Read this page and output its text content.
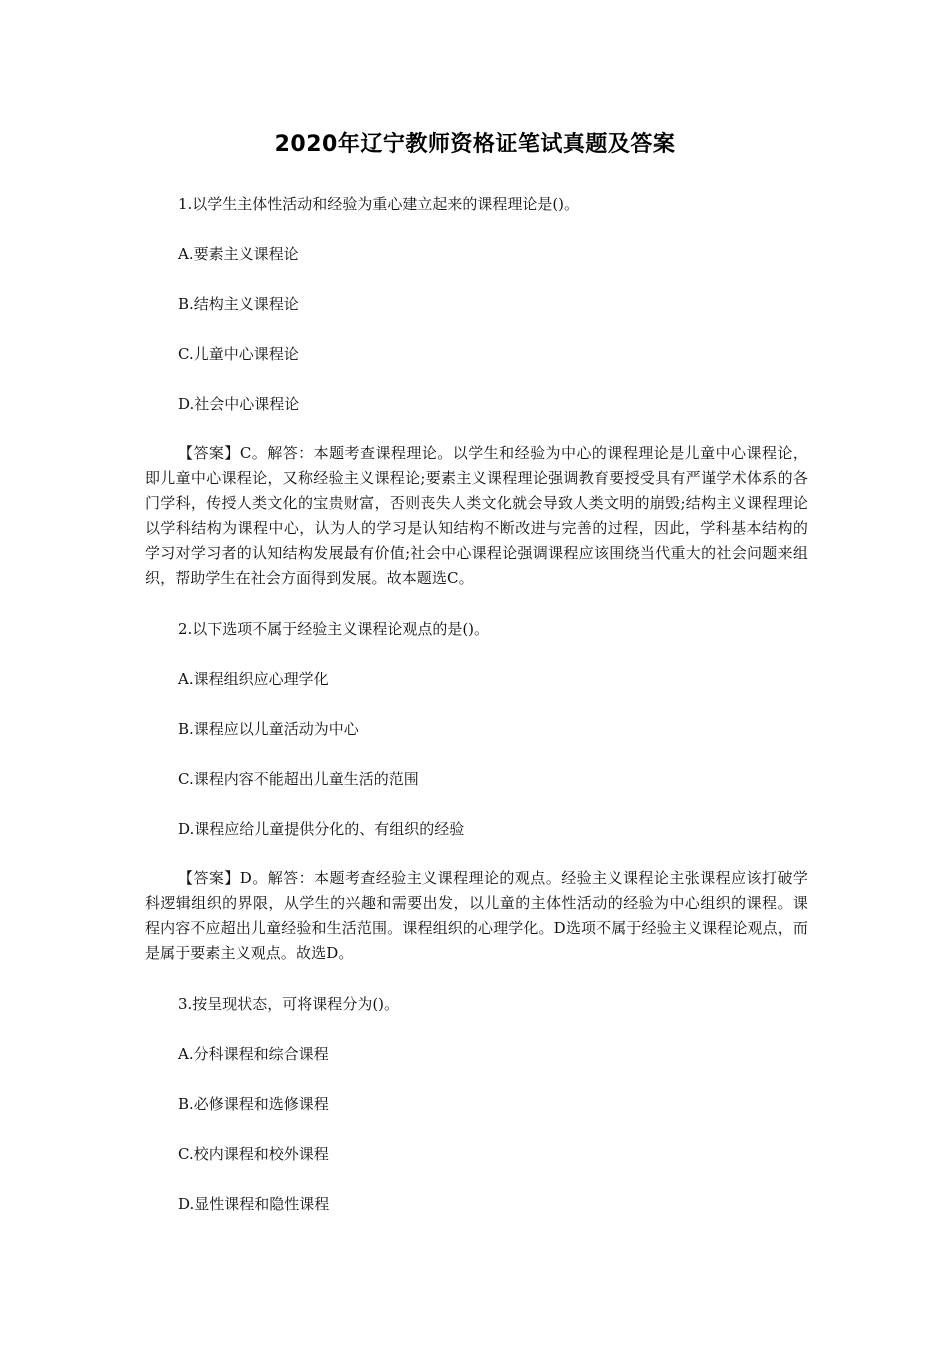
2020年辽宁教师资格证笔试真题及答案
1.以学生主体性活动和经验为重心建立起来的课程理论是()。
A.要素主义课程论
B.结构主义课程论
C.儿童中心课程论
D.社会中心课程论
【答案】C。解答：本题考查课程理论。以学生和经验为中心的课程理论是儿童中心课程论，即儿童中心课程论，又称经验主义课程论;要素主义课程理论强调教育要授受具有严谨学术体系的各门学科，传授人类文化的宝贵财富，否则丧失人类文化就会导致人类文明的崩毁;结构主义课程理论以学科结构为课程中心，认为人的学习是认知结构不断改进与完善的过程，因此，学科基本结构的学习对学习者的认知结构发展最有价值;社会中心课程论强调课程应该围绕当代重大的社会问题来组织，帮助学生在社会方面得到发展。故本题选C。
2.以下选项不属于经验主义课程论观点的是()。
A.课程组织应心理学化
B.课程应以儿童活动为中心
C.课程内容不能超出儿童生活的范围
D.课程应给儿童提供分化的、有组织的经验
【答案】D。解答：本题考查经验主义课程理论的观点。经验主义课程论主张课程应该打破学科逻辑组织的界限，从学生的兴趣和需要出发，以儿童的主体性活动的经验为中心组织的课程。课程内容不应超出儿童经验和生活范围。课程组织的心理学化。D选项不属于经验主义课程论观点，而是属于要素主义观点。故选D。
3.按呈现状态，可将课程分为()。
A.分科课程和综合课程
B.必修课程和选修课程
C.校内课程和校外课程
D.显性课程和隐性课程
